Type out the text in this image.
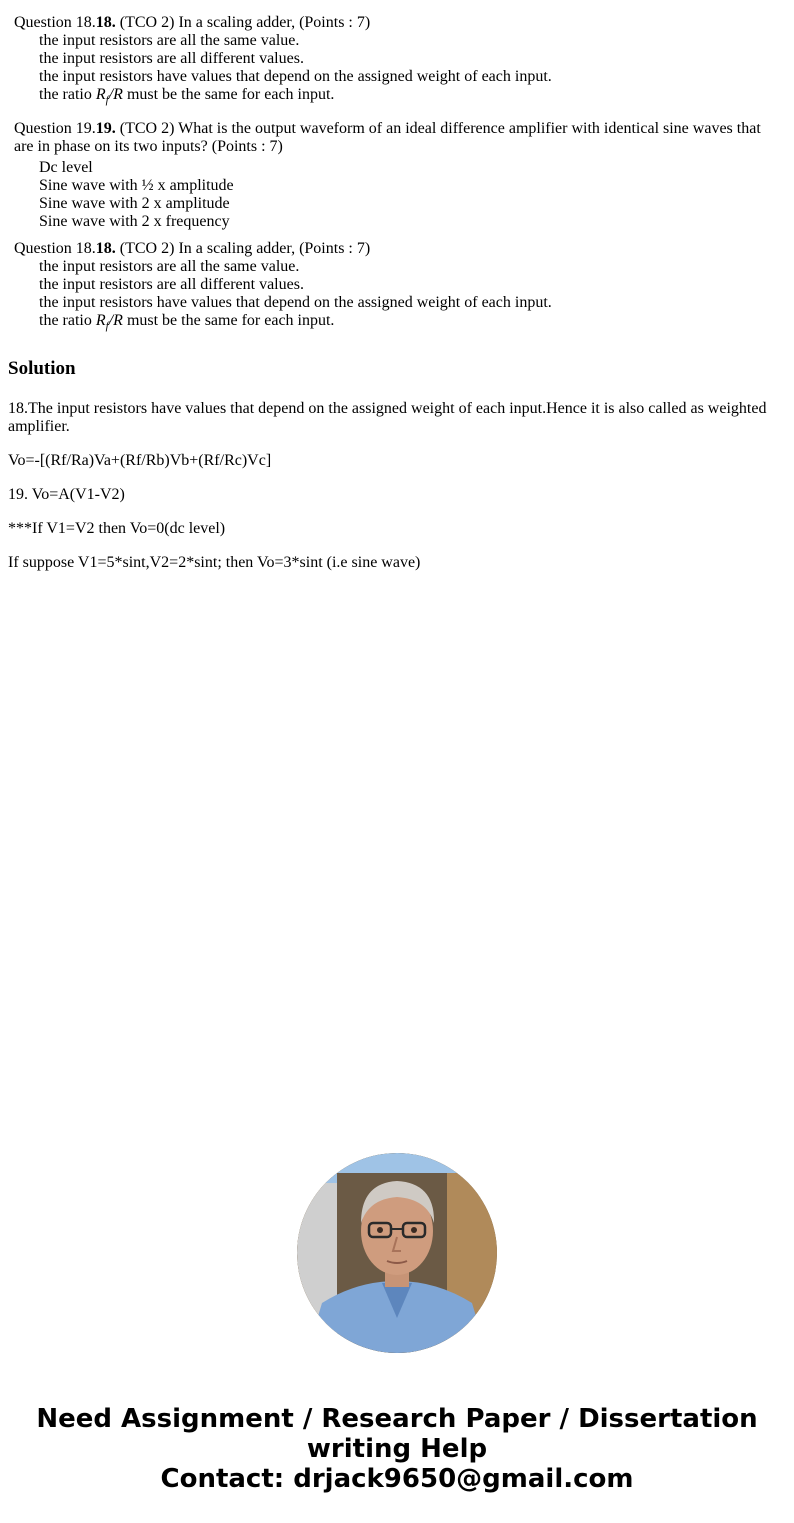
Question 18.18. (TCO 2) In a scaling adder, (Points : 7)
the input resistors are all the same value.
the input resistors are all different values.
the input resistors have values that depend on the assigned weight of each input.
the ratio $R_f/R$ must be the same for each input.
Question 19.19. (TCO 2) What is the output waveform of an ideal difference amplifier with identical sine waves that are in phase on its two inputs? (Points : 7)
Dc level
Sine wave with ½ x amplitude
Sine wave with 2 x amplitude
Sine wave with 2 x frequency
Question 18.18. (TCO 2) In a scaling adder, (Points : 7)
the input resistors are all the same value.
the input resistors are all different values.
the input resistors have values that depend on the assigned weight of each input.
the ratio $R_f/R$ must be the same for each input.
Solution

18.The input resistors have values that depend on the assigned weight of each input.Hence it is also called as weighted amplifier.

Vo=-[(Rf/Ra)Va+(Rf/Rb)Vb+(Rf/Rc)Vc]

19. Vo=A(V1-V2)

***If V1=V2 then Vo=0(dc level)

If suppose V1=5*sint,V2=2*sint; then Vo=3*sint (i.e sine wave)

Need Assignment / Research Paper / Dissertation
writing Help
Contact: drjack9650@gmail.com
